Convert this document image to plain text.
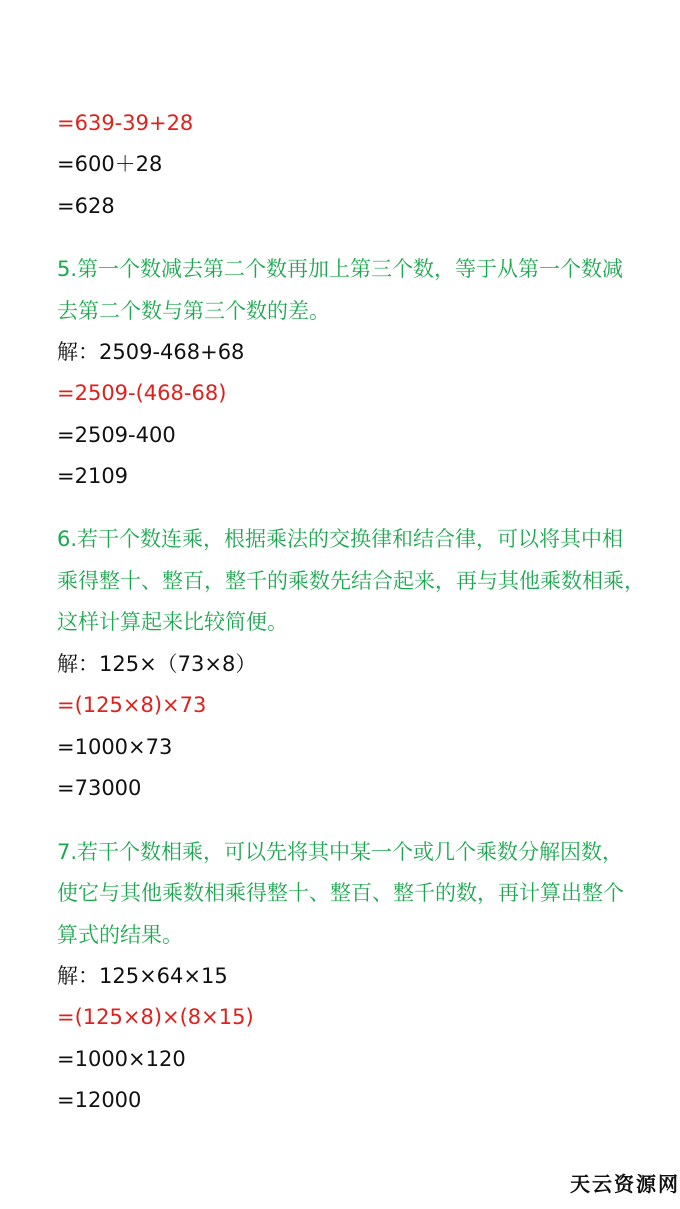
=639-39+28
=600＋28
=628
5.第一个数减去第二个数再加上第三个数，等于从第一个数减
去第二个数与第三个数的差。
解：2509-468+68
=2509-(468-68)
=2509-400
=2109
6.若干个数连乘，根据乘法的交换律和结合律，可以将其中相
乘得整十、整百，整千的乘数先结合起来，再与其他乘数相乘，
这样计算起来比较简便。
解：125×（73×8）
=(125×8)×73
=1000×73
=73000
7.若干个数相乘，可以先将其中某一个或几个乘数分解因数，
使它与其他乘数相乘得整十、整百、整千的数，再计算出整个
算式的结果。
解：125×64×15
=(125×8)×(8×15)
=1000×120
=12000
天云资源网
